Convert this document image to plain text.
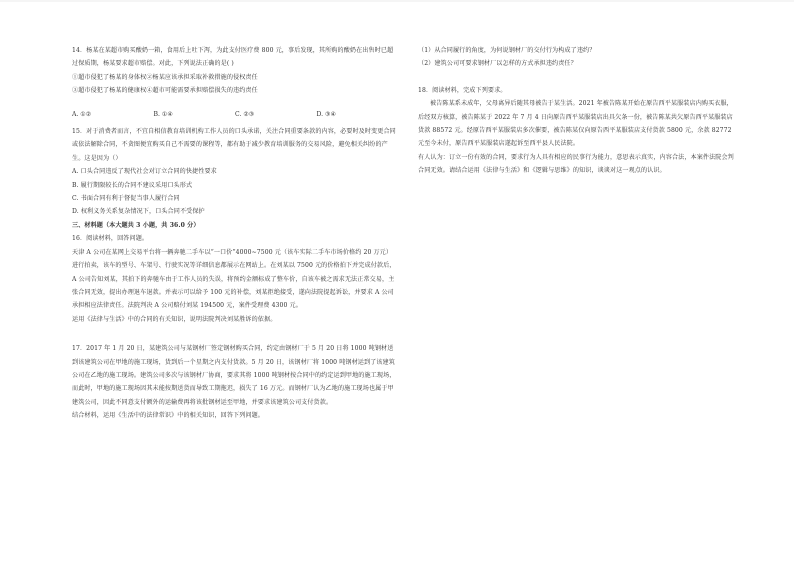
14．杨某在某超市购买酸奶一箱，食用后上吐下泻，为此支付医疗费 800 元，事后发现，其所购的酸奶在出售时已超过保质期，杨某要求超市赔偿。对此，下列说法正确的是( )

①超市侵犯了杨某的身体权②杨某应该承担采取补救措施的侵权责任

③超市侵犯了杨某的健康权④超市可能需要承担赔偿损失的违约责任

A. ①②	B. ①④	C. ②③	D. ③④

15．对于消费者而言，不宜自相信教育培训机构工作人员的口头承诺，关注合同重要条款的内容，必要时及时变更合同或依法解除合同，不贪图便宜购买自己不需要的课程等，都有助于减少教育培训服务的交易风险，避免相关纠纷的产生。这是因为（）

A. 口头合同违反了现代社会对订立合同的快捷性要求

B. 履行期限较长的合同不建议采用口头形式

C. 书面合同有利于督促当事人履行合同

D. 权利义务关系复杂情况下，口头合同不受保护

三、材料题（本大题共 3 小题，共 36.0 分）

16．阅读材料，回答问题。

天津 A 公司在某网上交易平台将一辆奔驰二手车以“一口价”4000~7500 元（该车实际二手车市场价格约 20 万元）进行拍卖，该车的型号、车架号、行驶实况等详细信息都展示在网站上。在刘某以 7500 元的价格拍下并完成付款后，A 公司告知刘某，其拍下的奔驰车由于工作人员的失误，将预约金额标成了整车价，自该车被之需求无法正常交易，主张合同无效，提出办理退车退款。并表示可以给予 100 元的补偿，刘某拒绝接受，遂向法院提起诉讼，并要求 A 公司承担相应法律责任。法院判决 A 公司赔付刘某 194500 元，案件受理费 4300 元。

运用《法律与生活》中的合同的有关知识，说明法院判决刘某胜诉的依据。

17．2017 年 1 月 20 日，某建筑公司与某钢材厂签定钢材购买合同，约定由钢材厂于 5 月 20 日将 1000 吨钢材送到该建筑公司在甲地的施工现场，货到后一个星期之内支付货款。5 月 20 日，该钢材厂将 1000 吨钢材运到了该建筑公司在乙地的施工现场。建筑公司多次与该钢材厂协商，要求其将 1000 吨钢材按合同中的约定运到甲地的施工现场，而此时，甲地的施工现场因其未能按期送货而导致工期拖迟，损失了 16 万元。而钢材厂认为乙地的施工现场也属于甲建筑公司，因此不同意支付额外的运输费再将该批钢材运至甲地，并要求该建筑公司支付货款。

结合材料，运用《生活中的法律常识》中的相关知识，回答下列问题。

（1）从合同履行的角度，为何说钢材厂的交付行为构成了违约？

（2）建筑公司可要求钢材厂以怎样的方式承担违约责任？

18．阅读材料，完成下列要求。

被告陈某系未成年，父母离异后随其母被告于某生活。2021 年被告陈某开始在原告西平某服装店内购买衣服，后经双方核算，被告陈某于 2022 年 7 月 4 日向原告西平某服装店出具欠条一份，被告陈某共欠原告西平某服装店货款 88572 元。经原告西平某服装店多次催要，被告陈某仅向原告西平某服装店支付货款 5800 元，余款 82772 元至今未付，原告西平某服装店遂起诉至西平县人民法院。

有人认为：订立一份有效的合同，要求行为人具有相应的民事行为能力，意思表示真实，内容合法，本案件法院会判合同无效。请结合运用《法律与生活》和《逻辑与思维》的知识，谈谈对这一观点的认识。
